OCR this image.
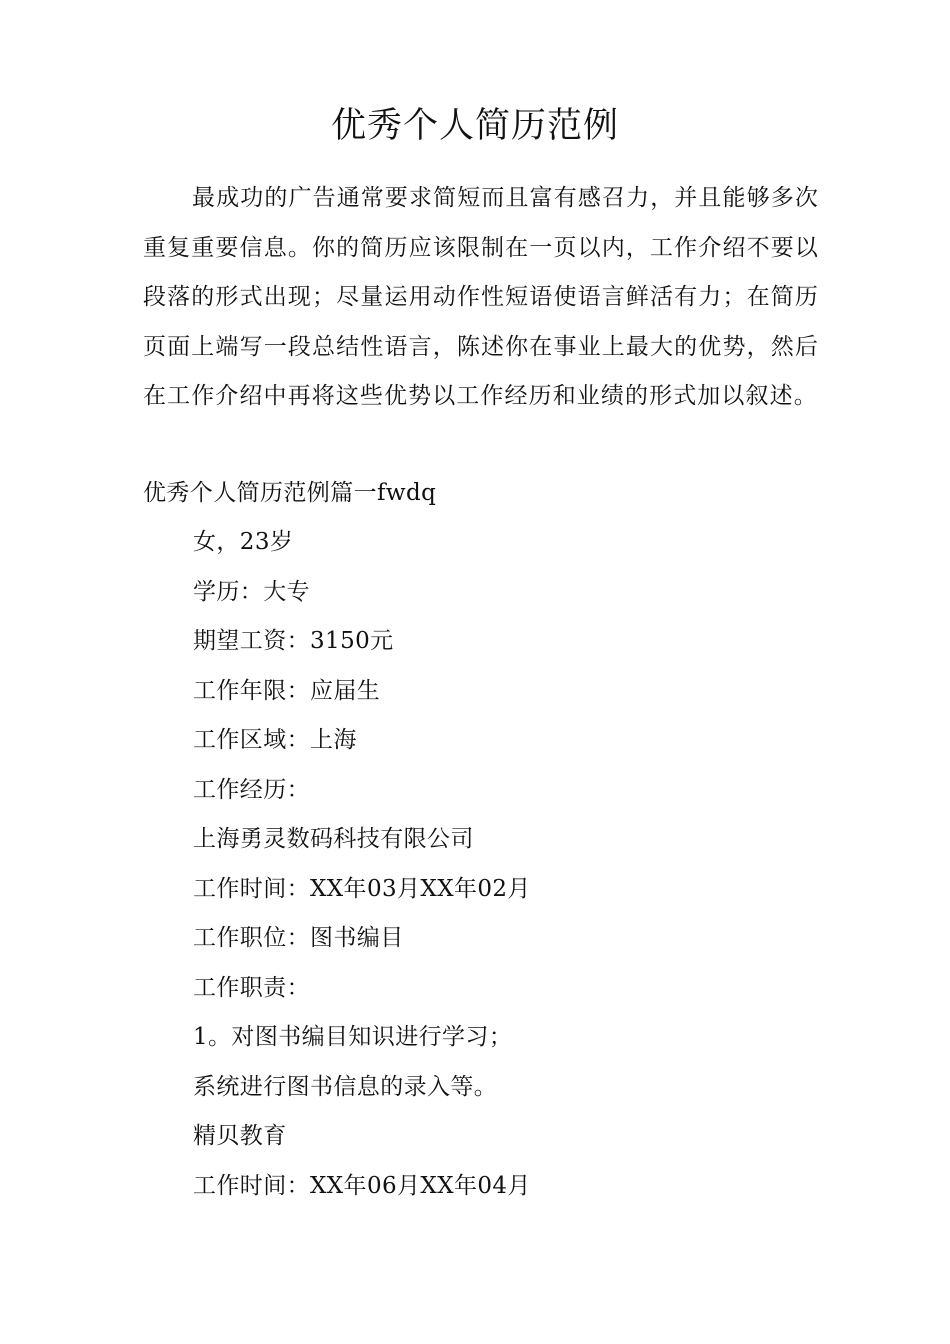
优秀个人简历范例

最成功的广告通常要求简短而且富有感召力，并且能够多次重复重要信息。你的简历应该限制在一页以内，工作介绍不要以段落的形式出现；尽量运用动作性短语使语言鲜活有力；在简历页面上端写一段总结性语言，陈述你在事业上最大的优势，然后在工作介绍中再将这些优势以工作经历和业绩的形式加以叙述。

优秀个人简历范例篇一fwdq

女，23岁

学历：大专

期望工资：3150元

工作年限：应届生

工作区域：上海

工作经历：

上海勇灵数码科技有限公司

工作时间：XX年03月XX年02月

工作职位：图书编目

工作职责：

1。对图书编目知识进行学习；

系统进行图书信息的录入等。

精贝教育

工作时间：XX年06月XX年04月
